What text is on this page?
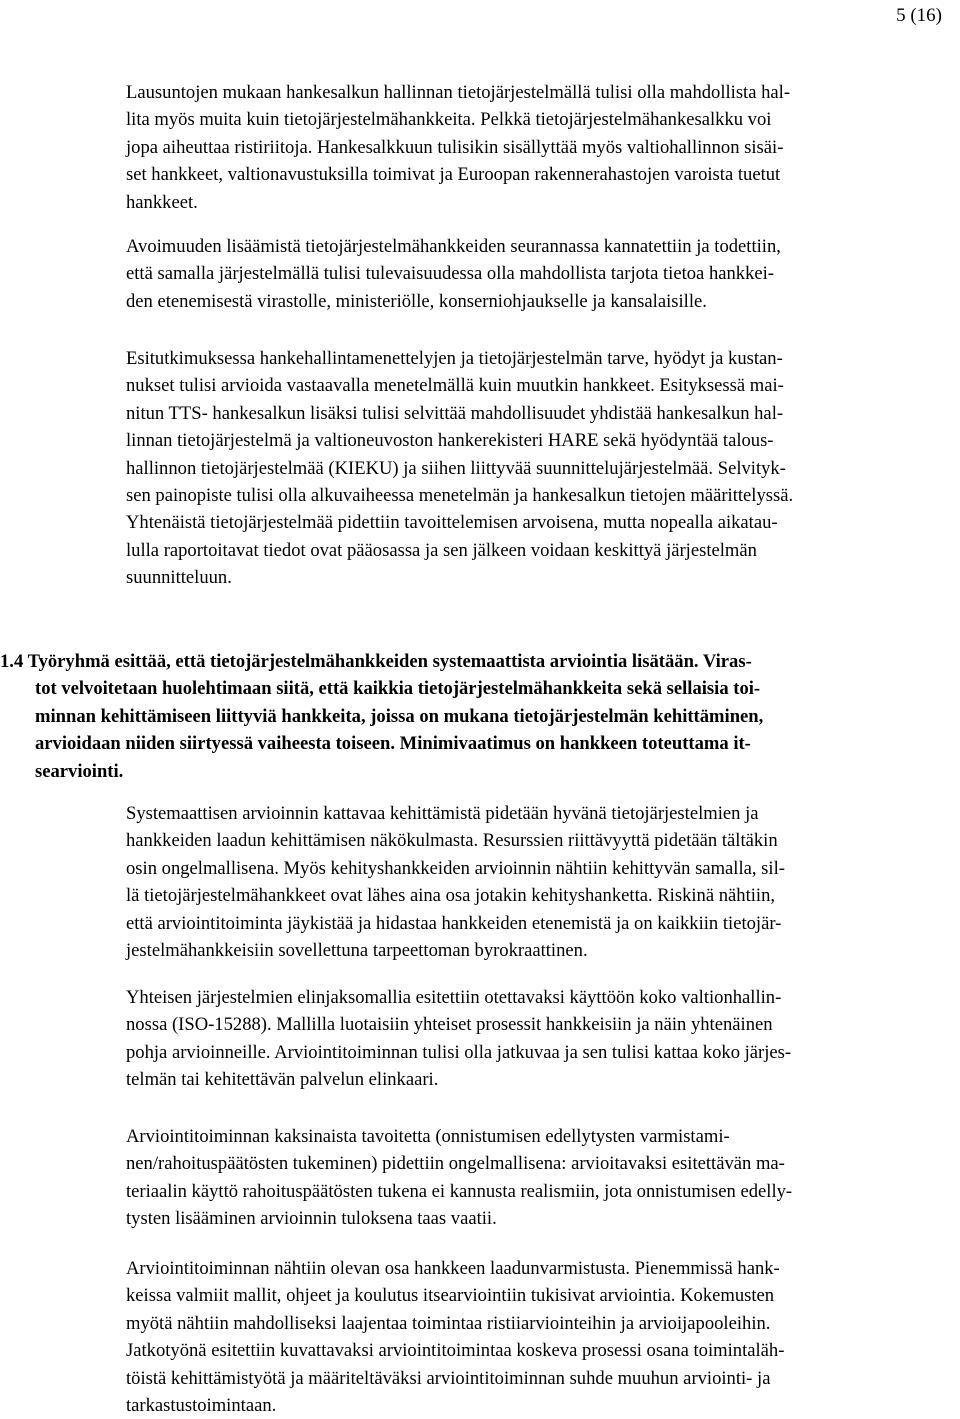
5 (16)
Lausuntojen mukaan hankesalkun hallinnan tietojärjestelmällä tulisi olla mahdollista hal-
lita myös muita kuin tietojärjestelmähankkeita. Pelkkä tietojärjestelmähankesalkku voi
jopa aiheuttaa ristiriitoja. Hankesalkkuun tulisikin sisällyttää myös valtiohallinnon sisäi-
set hankkeet, valtionavustuksilla toimivat ja Euroopan rakennerahastojen varoista tuetut
hankkeet.
Avoimuuden lisäämistä tietojärjestelmähankkeiden seurannassa kannatettiin ja todettiin,
että samalla järjestelmällä tulisi tulevaisuudessa olla mahdollista tarjota tietoa hankkei-
den etenemisestä virastolle, ministeriölle, konserniohjaukselle ja kansalaisille.
Esitutkimuksessa hankehallintamenettelyjen ja tietojärjestelmän tarve, hyödyt ja kustan-
nukset tulisi arvioida vastaavalla menetelmällä kuin muutkin hankkeet. Esityksessä mai-
nitun TTS- hankesalkun lisäksi tulisi selvittää mahdollisuudet yhdistää hankesalkun hal-
linnan tietojärjestelmä ja valtioneuvoston hankerekisteri HARE sekä hyödyntää talous-
hallinnon tietojärjestelmää (KIEKU) ja siihen liittyvää suunnittelujärjestelmää. Selvityk-
sen painopiste tulisi olla alkuvaiheessa menetelmän ja hankesalkun tietojen määrittelyssä.
Yhtenäistä tietojärjestelmää pidettiin tavoittelemisen arvoisena, mutta nopealla aikatau-
lulla raportoitavat tiedot ovat pääosassa ja sen jälkeen voidaan keskittyä järjestelmän
suunnitteluun.
1.4 Työryhmä esittää, että tietojärjestelmähankkeiden systemaattista arviointia lisätään. Viras-
tot velvoitetaan huolehtimaan siitä, että kaikkia tietojärjestelmähankkeita sekä sellaisia toi-
minnan kehittämiseen liittyviä hankkeita, joissa on mukana tietojärjestelmän kehittäminen,
arvioidaan niiden siirtyessä vaiheesta toiseen. Minimivaatimus on hankkeen toteuttama it-
searviointi.
Systemaattisen arvioinnin kattavaa kehittämistä pidetään hyvänä tietojärjestelmien ja
hankkeiden laadun kehittämisen näkökulmasta. Resurssien riittävyyttä pidetään tältäkin
osin ongelmallisena. Myös kehityshankkeiden arvioinnin nähtiin kehittyvän samalla, sil-
lä tietojärjestelmähankkeet ovat lähes aina osa jotakin kehityshanketta. Riskinä nähtiin,
että arviointitoiminta jäykistää ja hidastaa hankkeiden etenemistä ja on kaikkiin tietojär-
jestelmähankkeisiin sovellettuna tarpeettoman byrokraattinen.
Yhteisen järjestelmien elinjaksomallia esitettiin otettavaksi käyttöön koko valtionhallin-
nossa (ISO-15288). Mallilla luotaisiin yhteiset prosessit hankkeisiin ja näin yhtenäinen
pohja arvioinneille. Arviointitoiminnan tulisi olla jatkuvaa ja sen tulisi kattaa koko järjes-
telmän tai kehitettävän palvelun elinkaari.
Arviointitoiminnan kaksinaista tavoitetta (onnistumisen edellytysten varmistami-
nen/rahoituspäätösten tukeminen) pidettiin ongelmallisena: arvioitavaksi esitettävän ma-
teriaalin käyttö rahoituspäätösten tukena ei kannusta realismiin, jota onnistumisen edelly-
tysten lisääminen arvioinnin tuloksena taas vaatii.
Arviointitoiminnan nähtiin olevan osa hankkeen laadunvarmistusta. Pienemmissä hank-
keissa valmiit mallit, ohjeet ja koulutus itsearviointiin tukisivat arviointia. Kokemusten
myötä nähtiin mahdolliseksi laajentaa toimintaa ristiiarviointeihin ja arvioijapooleihin.
Jatkotyönä esitettiin kuvattavaksi arviointitoimintaa koskeva prosessi osana toimintaläh-
töistä kehittämistyötä ja määriteltäväksi arviointitoiminnan suhde muuhun arviointi- ja
tarkastustoimintaan.
